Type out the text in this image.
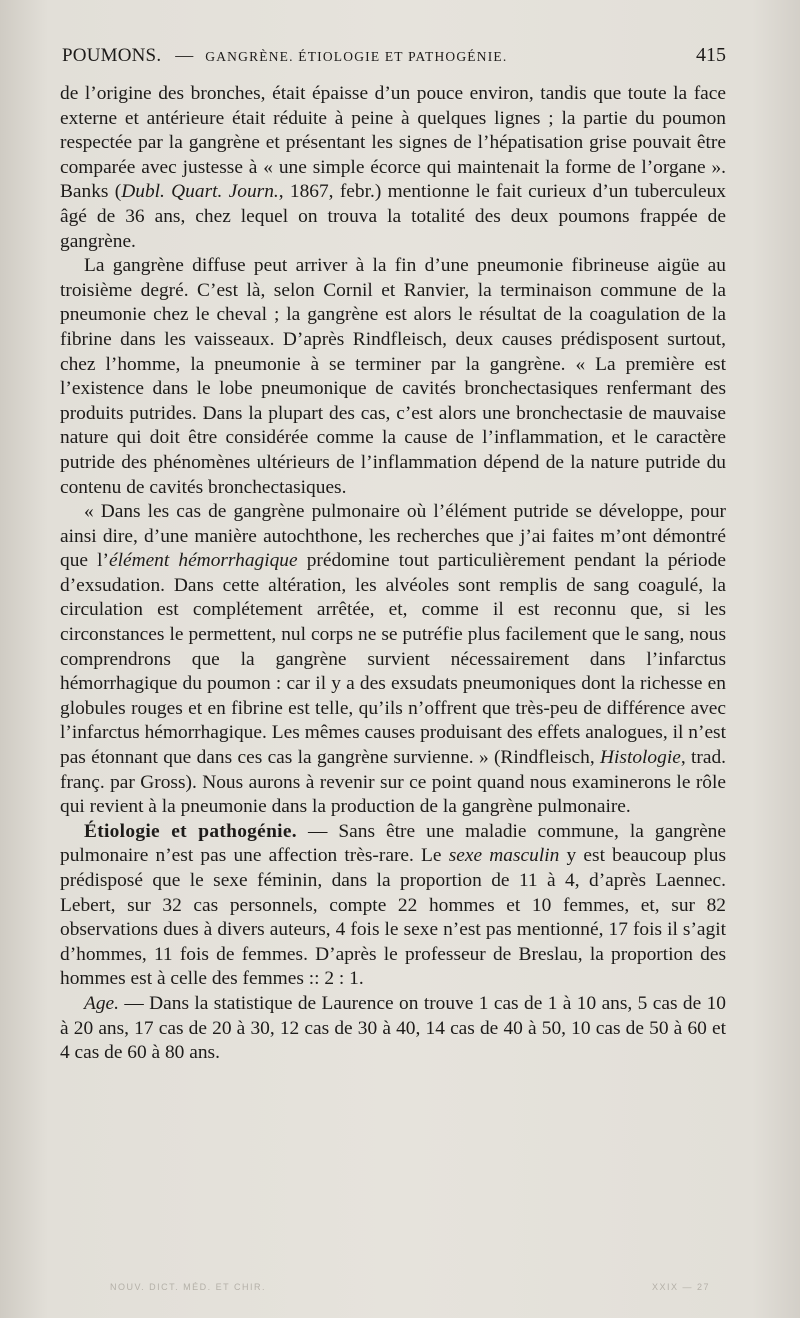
POUMONS. — GANGRÈNE. ÉTIOLOGIE ET PATHOGÉNIE.	415

de l’origine des bronches, était épaisse d’un pouce environ, tandis que toute la face externe et antérieure était réduite à peine à quelques lignes ; la partie du poumon respectée par la gangrène et présentant les signes de l’hépatisation grise pouvait être comparée avec justesse à « une simple écorce qui maintenait la forme de l’organe ». Banks (Dubl. Quart. Journ., 1867, febr.) mentionne le fait curieux d’un tuberculeux âgé de 36 ans, chez lequel on trouva la totalité des deux poumons frappée de gangrène.

La gangrène diffuse peut arriver à la fin d’une pneumonie fibrineuse aigüe au troisième degré. C’est là, selon Cornil et Ranvier, la terminaison commune de la pneumonie chez le cheval ; la gangrène est alors le résultat de la coagulation de la fibrine dans les vaisseaux. D’après Rindfleisch, deux causes prédisposent surtout, chez l’homme, la pneumonie à se terminer par la gangrène. « La première est l’existence dans le lobe pneumonique de cavités bronchectasiques renfermant des produits putrides. Dans la plupart des cas, c’est alors une bronchectasie de mauvaise nature qui doit être considérée comme la cause de l’inflammation, et le caractère putride des phénomènes ultérieurs de l’inflammation dépend de la nature putride du contenu de cavités bronchectasiques.

« Dans les cas de gangrène pulmonaire où l’élément putride se développe, pour ainsi dire, d’une manière autochthone, les recherches que j’ai faites m’ont démontré que l’élément hémorrhagique prédomine tout particulièrement pendant la période d’exsudation. Dans cette altération, les alvéoles sont remplis de sang coagulé, la circulation est complétement arrêtée, et, comme il est reconnu que, si les circonstances le permettent, nul corps ne se putréfie plus facilement que le sang, nous comprendrons que la gangrène survient nécessairement dans l’infarctus hémorrhagique du poumon : car il y a des exsudats pneumoniques dont la richesse en globules rouges et en fibrine est telle, qu’ils n’offrent que très-peu de différence avec l’infarctus hémorrhagique. Les mêmes causes produisant des effets analogues, il n’est pas étonnant que dans ces cas la gangrène survienne. » (Rindfleisch, Histologie, trad. franç. par Gross). Nous aurons à revenir sur ce point quand nous examinerons le rôle qui revient à la pneumonie dans la production de la gangrène pulmonaire.

Étiologie et pathogénie. — Sans être une maladie commune, la gangrène pulmonaire n’est pas une affection très-rare. Le sexe masculin y est beaucoup plus prédisposé que le sexe féminin, dans la proportion de 11 à 4, d’après Laennec. Lebert, sur 32 cas personnels, compte 22 hommes et 10 femmes, et, sur 82 observations dues à divers auteurs, 4 fois le sexe n’est pas mentionné, 17 fois il s’agit d’hommes, 11 fois de femmes. D’après le professeur de Breslau, la proportion des hommes est à celle des femmes :: 2 : 1.

Age. — Dans la statistique de Laurence on trouve 1 cas de 1 à 10 ans, 5 cas de 10 à 20 ans, 17 cas de 20 à 30, 12 cas de 30 à 40, 14 cas de 40 à 50, 10 cas de 50 à 60 et 4 cas de 60 à 80 ans.

NOUV. DICT. MÉD. ET CHIR.	XXIX — 27
